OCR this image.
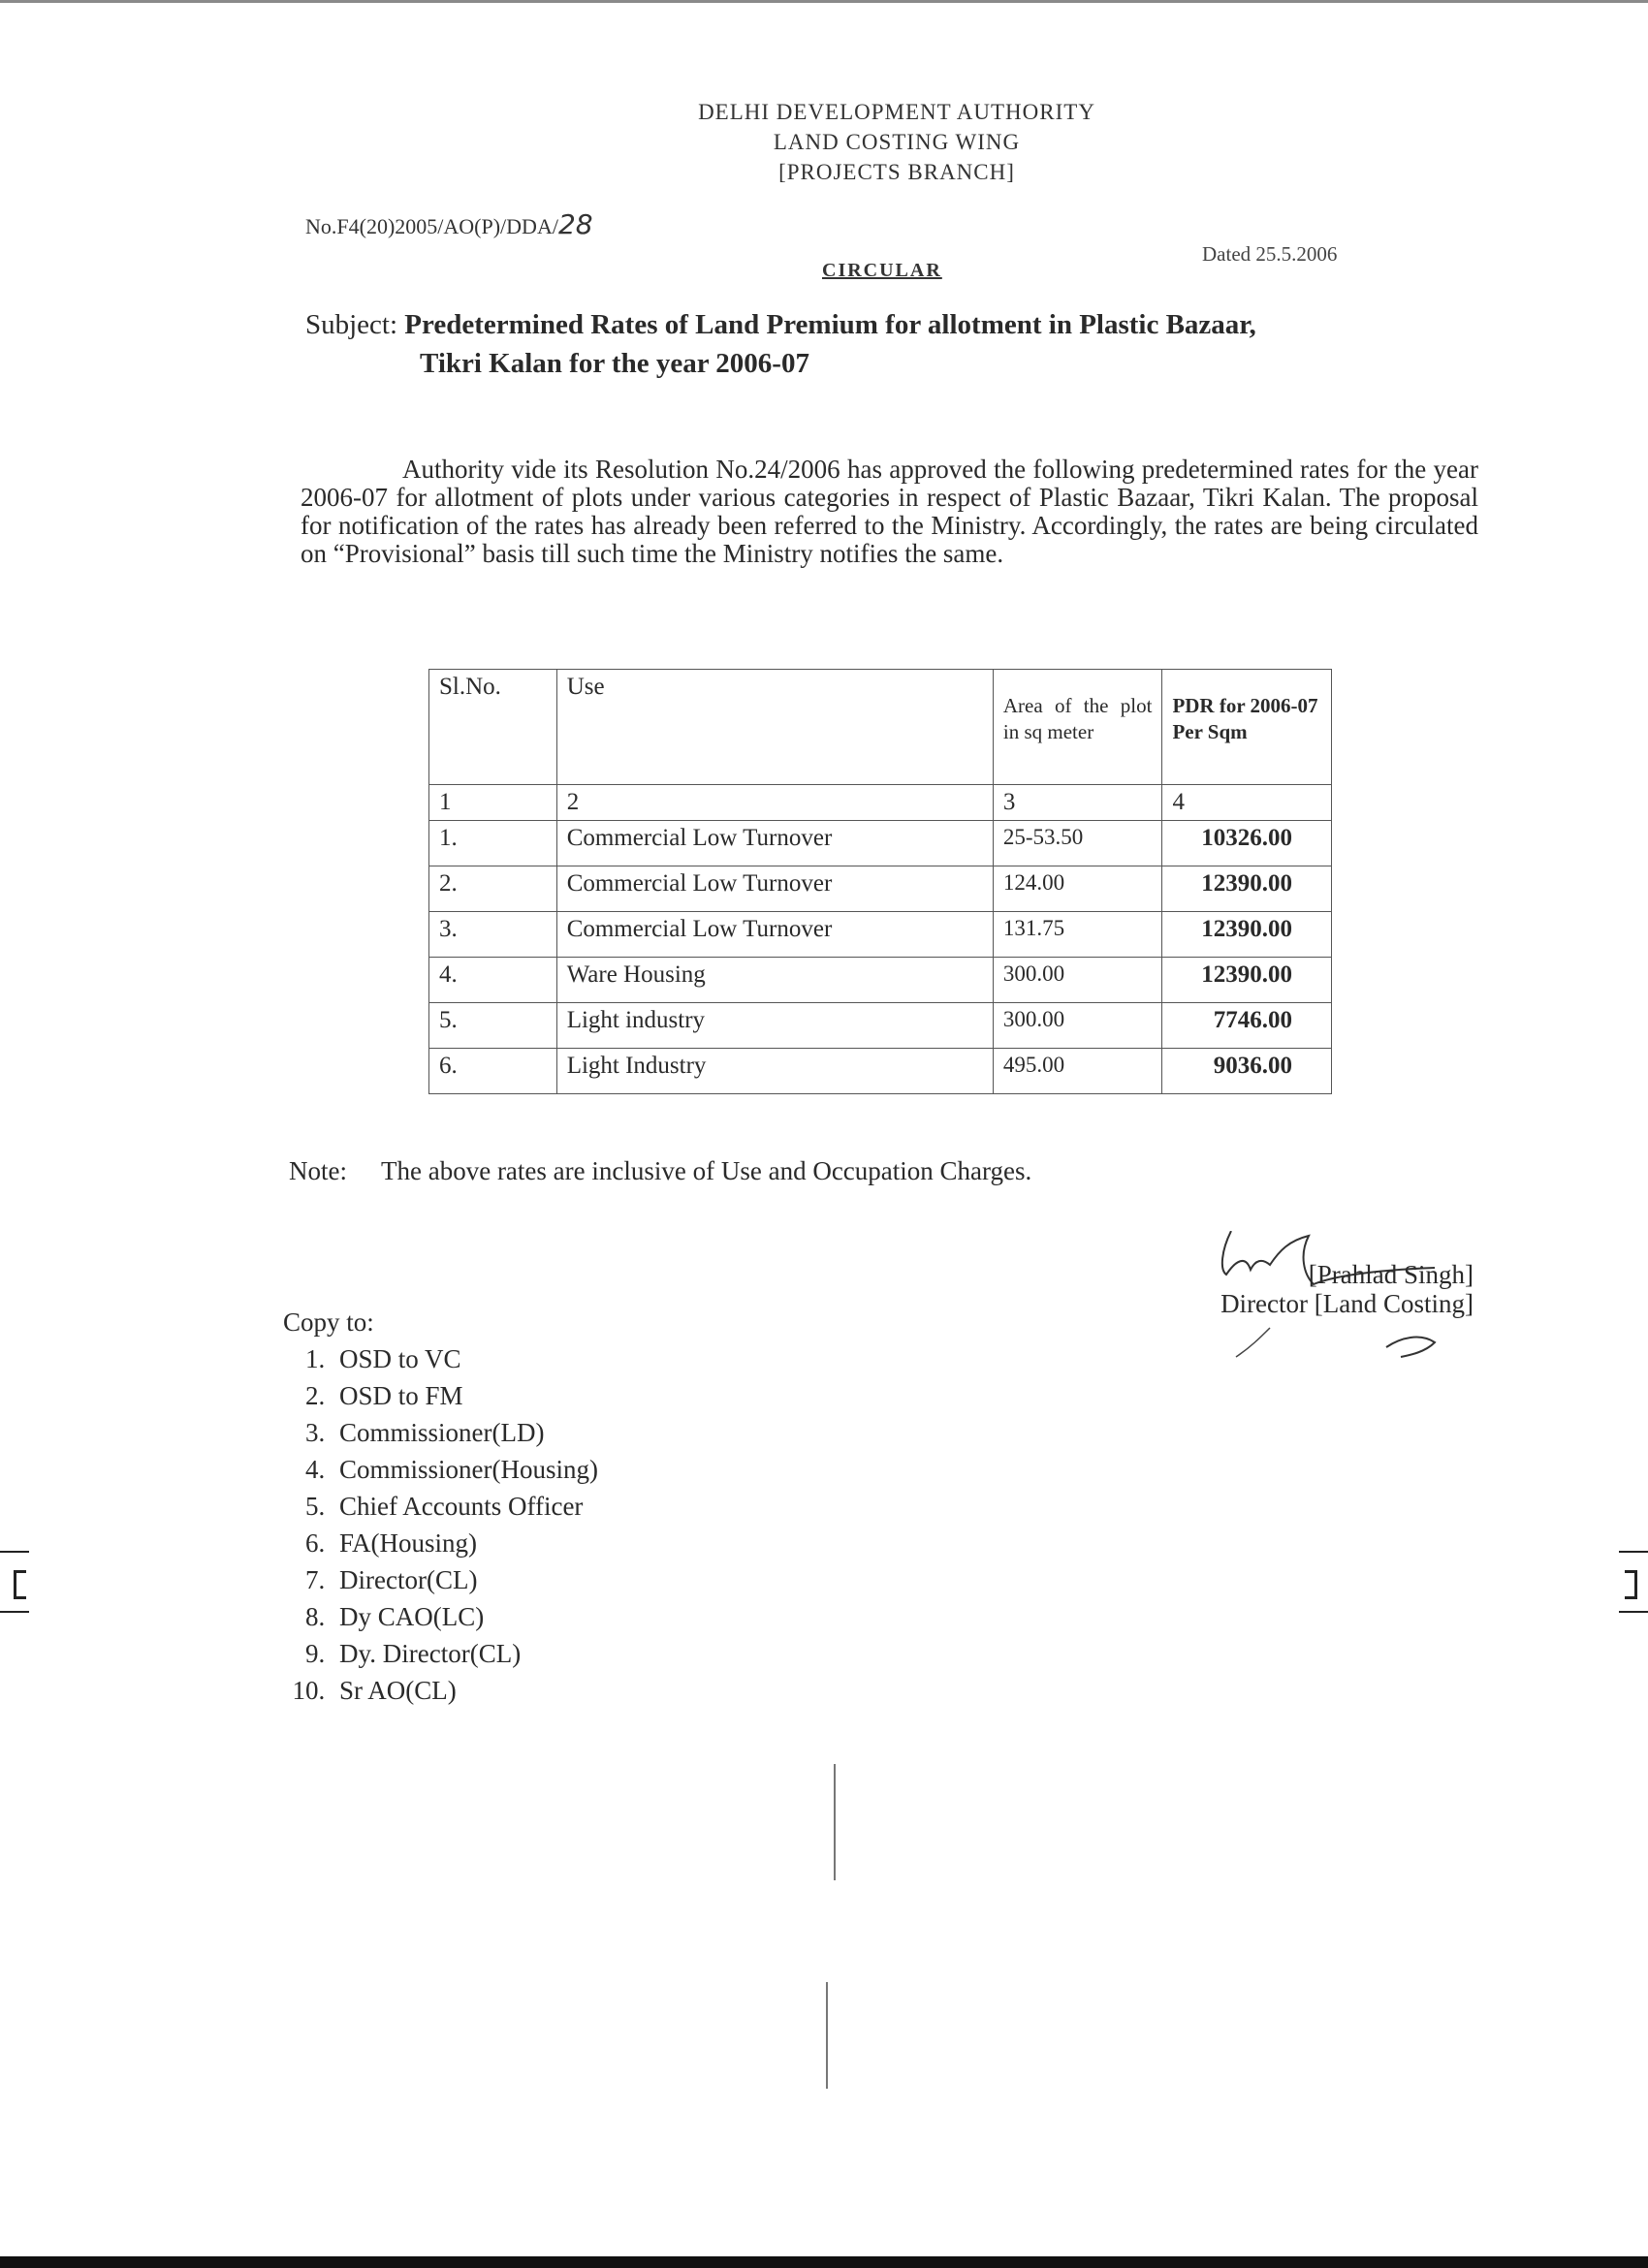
DELHI DEVELOPMENT AUTHORITY
LAND COSTING WING
[PROJECTS BRANCH]
No.F4(20)2005/AO(P)/DDA/28
Dated 25.5.2006
CIRCULAR
Subject: Predetermined Rates of Land Premium for allotment in Plastic Bazaar,
Tikri Kalan for the year 2006-07
Authority vide its Resolution No.24/2006 has approved the following predetermined rates for the year 2006-07 for allotment of plots under various categories in respect of Plastic Bazaar, Tikri Kalan. The proposal for notification of the rates has already been referred to the Ministry. Accordingly, the rates are being circulated on “Provisional” basis till such time the Ministry notifies the same.
Sl.No.	Use	Area of the plot in sq meter	PDR for 2006-07 Per Sqm
1	2	3	4
1.	Commercial Low Turnover	25-53.50	10326.00
2.	Commercial Low Turnover	124.00	12390.00
3.	Commercial Low Turnover	131.75	12390.00
4.	Ware Housing	300.00	12390.00
5.	Light industry	300.00	7746.00
6.	Light Industry	495.00	9036.00
Note: The above rates are inclusive of Use and Occupation Charges.
[Prahlad Singh]
Director [Land Costing]
Copy to:
1. OSD to VC
2. OSD to FM
3. Commissioner(LD)
4. Commissioner(Housing)
5. Chief Accounts Officer
6. FA(Housing)
7. Director(CL)
8. Dy CAO(LC)
9. Dy. Director(CL)
10. Sr AO(CL)
